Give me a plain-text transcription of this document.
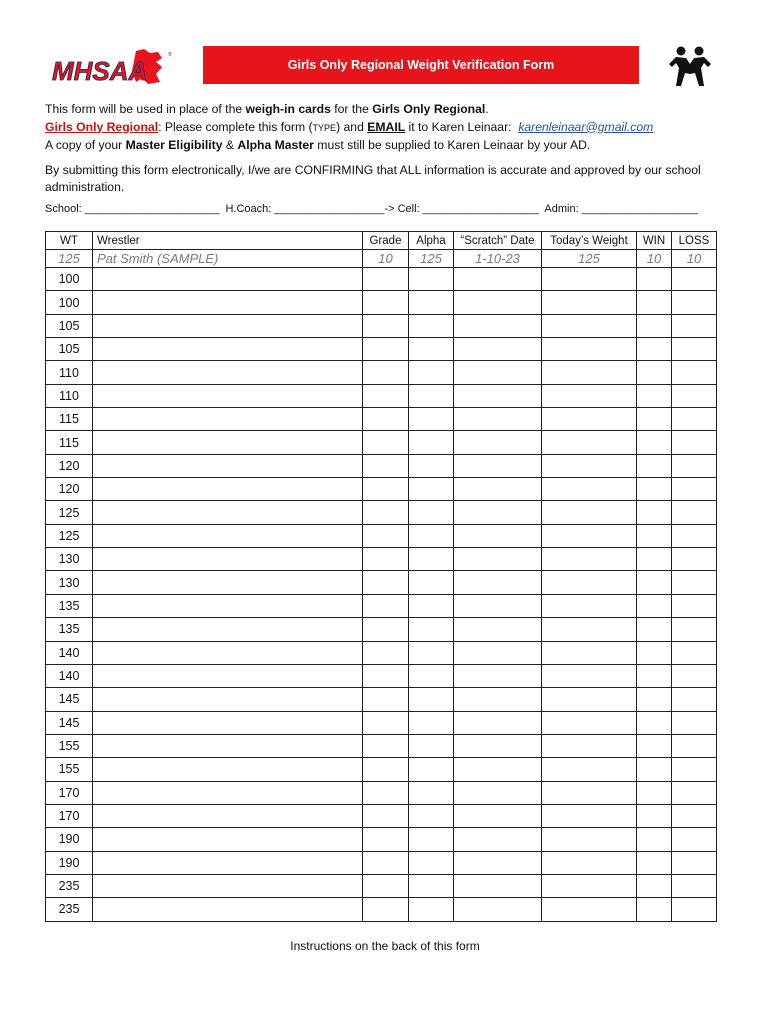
MHSAA
®
Girls Only Regional Weight Verification Form

This form will be used in place of the weigh-in cards for the Girls Only Regional.

Girls Only Regional: Please complete this form (TYPE) and EMAIL it to Karen Leinaar: karenleinaar@gmail.com

A copy of your Master Eligibility & Alpha Master must still be supplied to Karen Leinaar by your AD.

By submitting this form electronically, I/we are CONFIRMING that ALL information is accurate and approved by our school administration.

School: ______________________  H.Coach: __________________-> Cell: ___________________  Admin: ___________________
WT	Wrestler	Grade	Alpha	“Scratch” Date	Today’s Weight	WIN	LOSS
125	Pat Smith (SAMPLE)	10	125	1-10-23	125	10	10
100							
100							
105							
105							
110							
110							
115							
115							
120							
120							
125							
125							
130							
130							
135							
135							
140							
140							
145							
145							
155							
155							
170							
170							
190							
190							
235							
235							
Instructions on the back of this form
